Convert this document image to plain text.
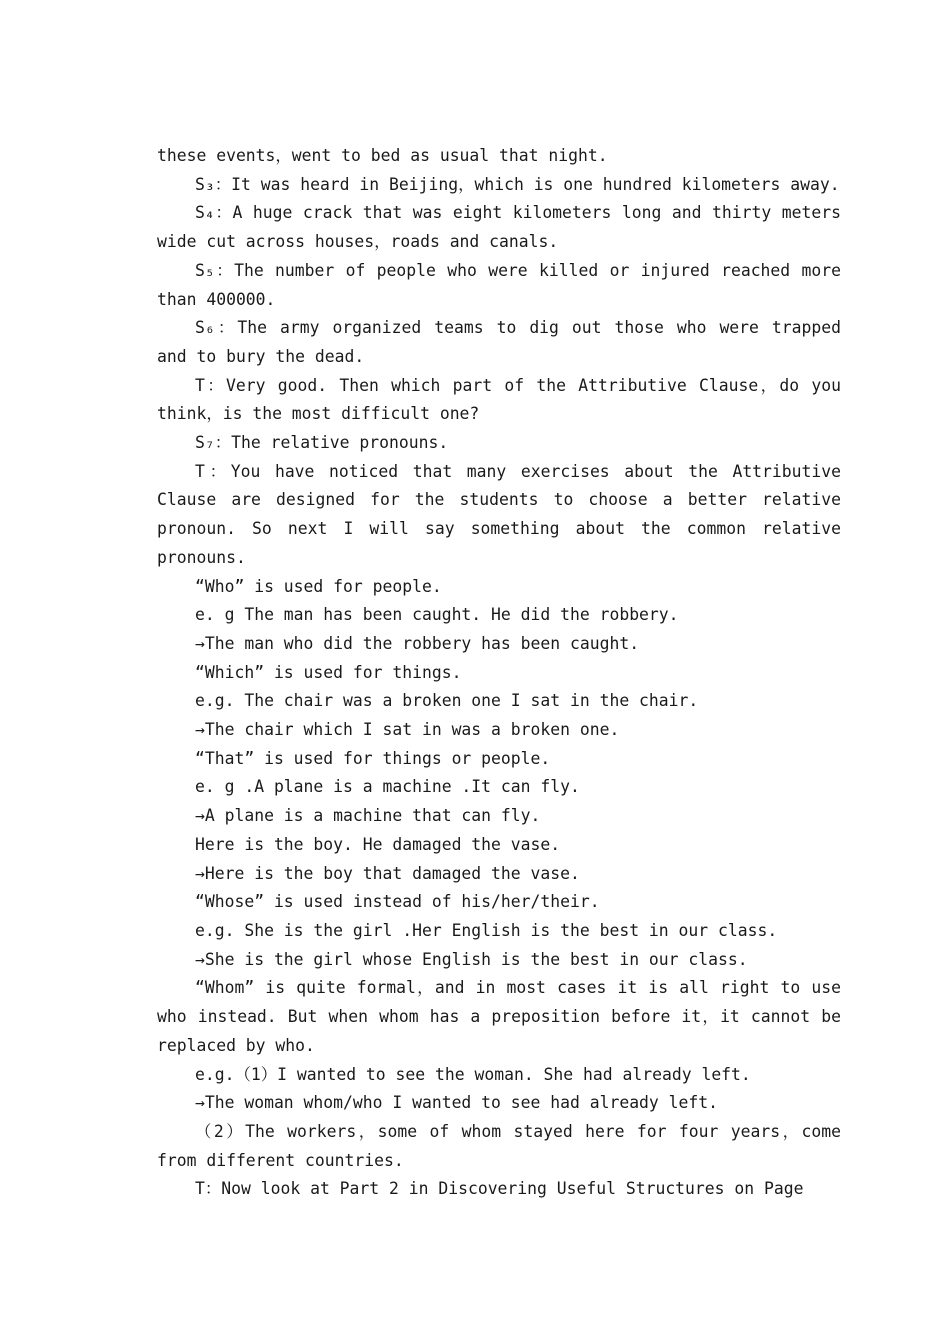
these events，went to bed as usual that night.

S₃：It was heard in Beijing，which is one hundred kilometers away.

S₄：A huge crack that was eight kilometers long and thirty meters wide cut across houses，roads and canals.

S₅：The number of people who were killed or injured reached more than 400000.

S₆：The army organized teams to dig out those who were trapped and to bury the dead.

T：Very good. Then which part of the Attributive Clause，do you think，is the most difficult one?

S₇：The relative pronouns.

T：You have noticed that many exercises about the Attributive Clause are designed for the students to choose a better relative pronoun. So next I will say something about the common relative pronouns.

“Who” is used for people.

e. g The man has been caught. He did the robbery.

→The man who did the robbery has been caught.

“Which” is used for things.

e.g. The chair was a broken one I sat in the chair.

→The chair which I sat in was a broken one.

“That” is used for things or people.

e. g .A plane is a machine .It can fly.

→A plane is a machine that can fly.

Here is the boy. He damaged the vase.

→Here is the boy that damaged the vase.

“Whose” is used instead of his/her/their.

e.g. She is the girl .Her English is the best in our class.

→She is the girl whose English is the best in our class.

“Whom” is quite formal，and in most cases it is all right to use who instead. But when whom has a preposition before it，it cannot be replaced by who.

e.g.（1）I wanted to see the woman. She had already left.

→The woman whom/who I wanted to see had already left.

（2）The workers，some of whom stayed here for four years，come from different countries.

T：Now look at Part 2 in Discovering Useful Structures on Page
